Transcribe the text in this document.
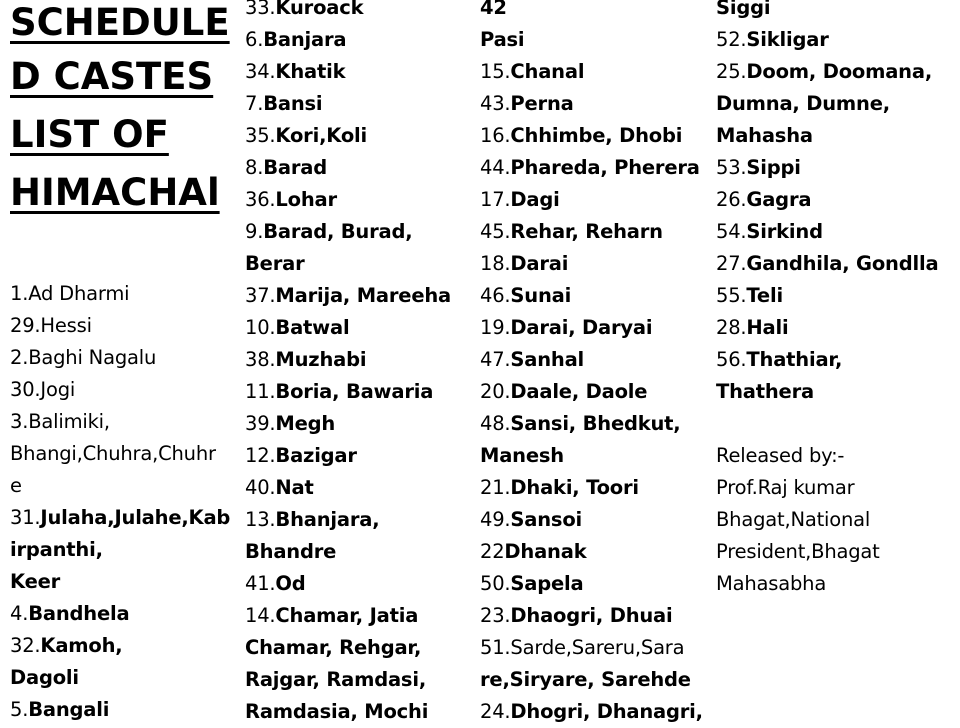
SCHEDULE
D CASTES
LIST OF
HIMACHAl
1.Ad Dharmi
29.Hessi
2.Baghi Nagalu
30.Jogi
3.Balimiki,
Bhangi,Chuhra,Chuhr
e
31.Julaha,Julahe,Kab
irpanthi,
Keer
4.Bandhela
32.Kamoh,
Dagoli
5.Bangali
33.Kuroack
6.Banjara
34.Khatik
7.Bansi
35.Kori,Koli
8.Barad
36.Lohar
9.Barad, Burad,
Berar
37.Marija, Mareeha
10.Batwal
38.Muzhabi
11.Boria, Bawaria
39.Megh
12.Bazigar
40.Nat
13.Bhanjara,
Bhandre
41.Od
14.Chamar, Jatia
Chamar, Rehgar,
Rajgar, Ramdasi,
Ramdasia, Mochi
42
Pasi
15.Chanal
43.Perna
16.Chhimbe, Dhobi
44.Phareda, Pherera
17.Dagi
45.Rehar, Reharn
18.Darai
46.Sunai
19.Darai, Daryai
47.Sanhal
20.Daale, Daole
48.Sansi, Bhedkut,
Manesh
21.Dhaki, Toori
49.Sansoi
22Dhanak
50.Sapela
23.Dhaogri, Dhuai
51.Sarde,Sareru,Sara
re,Siryare, Sarehde
24.Dhogri, Dhanagri,
Siggi
52.Sikligar
25.Doom, Doomana,
Dumna, Dumne,
Mahasha
53.Sippi
26.Gagra
54.Sirkind
27.Gandhila, Gondlla
55.Teli
28.Hali
56.Thathiar,
Thathera
Released by:-
Prof.Raj kumar
Bhagat,National
President,Bhagat
Mahasabha
